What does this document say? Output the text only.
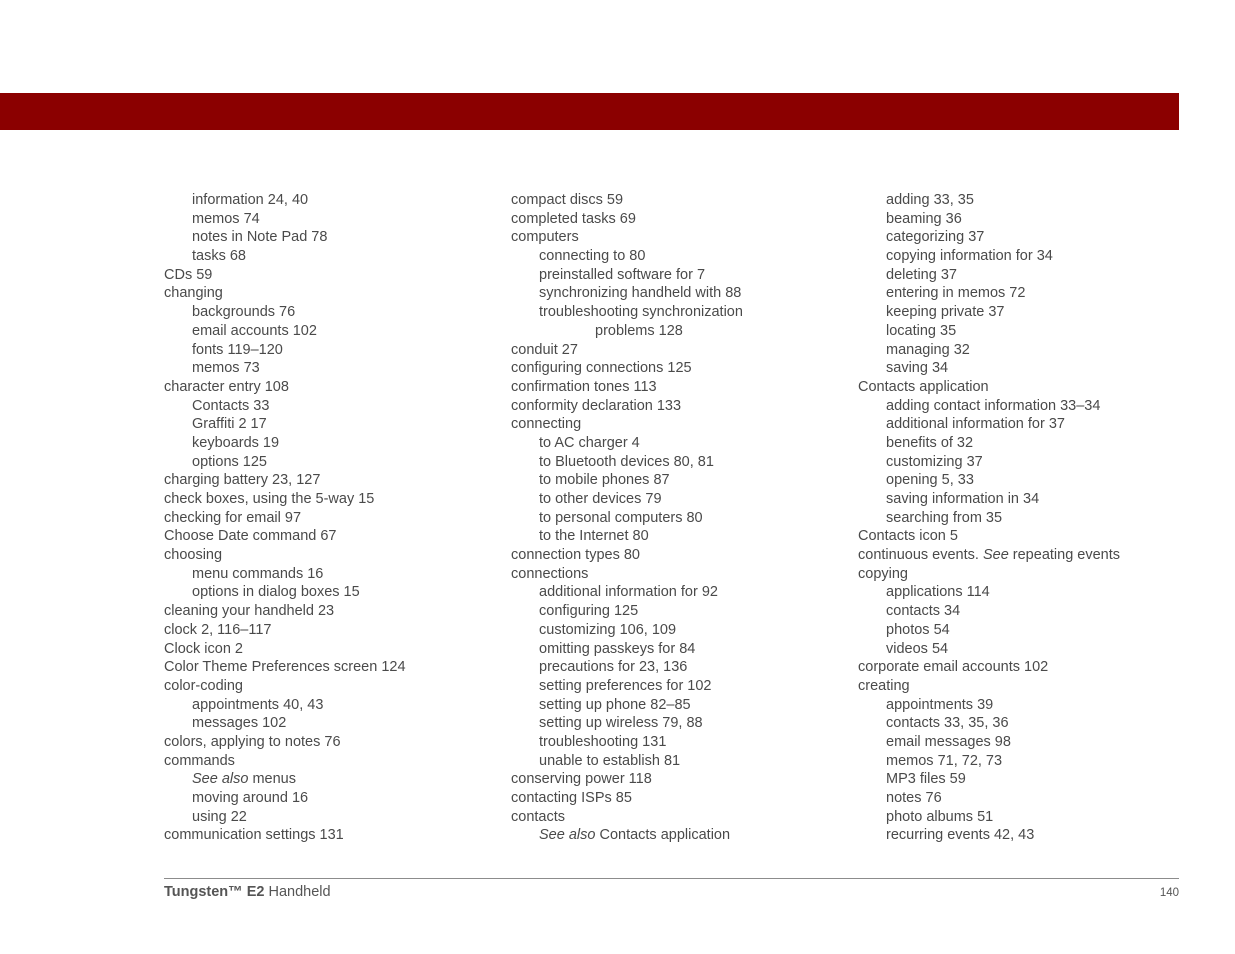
information 24, 40
memos 74
notes in Note Pad 78
tasks 68
CDs 59
changing
backgrounds 76
email accounts 102
fonts 119–120
memos 73
character entry 108
Contacts 33
Graffiti 2 17
keyboards 19
options 125
charging battery 23, 127
check boxes, using the 5-way 15
checking for email 97
Choose Date command 67
choosing
menu commands 16
options in dialog boxes 15
cleaning your handheld 23
clock 2, 116–117
Clock icon 2
Color Theme Preferences screen 124
color-coding
appointments 40, 43
messages 102
colors, applying to notes 76
commands
See also menus
moving around 16
using 22
communication settings 131
compact discs 59
completed tasks 69
computers
connecting to 80
preinstalled software for 7
synchronizing handheld with 88
troubleshooting synchronization
problems 128
conduit 27
configuring connections 125
confirmation tones 113
conformity declaration 133
connecting
to AC charger 4
to Bluetooth devices 80, 81
to mobile phones 87
to other devices 79
to personal computers 80
to the Internet 80
connection types 80
connections
additional information for 92
configuring 125
customizing 106, 109
omitting passkeys for 84
precautions for 23, 136
setting preferences for 102
setting up phone 82–85
setting up wireless 79, 88
troubleshooting 131
unable to establish 81
conserving power 118
contacting ISPs 85
contacts
See also Contacts application
adding 33, 35
beaming 36
categorizing 37
copying information for 34
deleting 37
entering in memos 72
keeping private 37
locating 35
managing 32
saving 34
Contacts application
adding contact information 33–34
additional information for 37
benefits of 32
customizing 37
opening 5, 33
saving information in 34
searching from 35
Contacts icon 5
continuous events. See repeating events
copying
applications 114
contacts 34
photos 54
videos 54
corporate email accounts 102
creating
appointments 39
contacts 33, 35, 36
email messages 98
memos 71, 72, 73
MP3 files 59
notes 76
photo albums 51
recurring events 42, 43
Tungsten™ E2 Handheld	140
